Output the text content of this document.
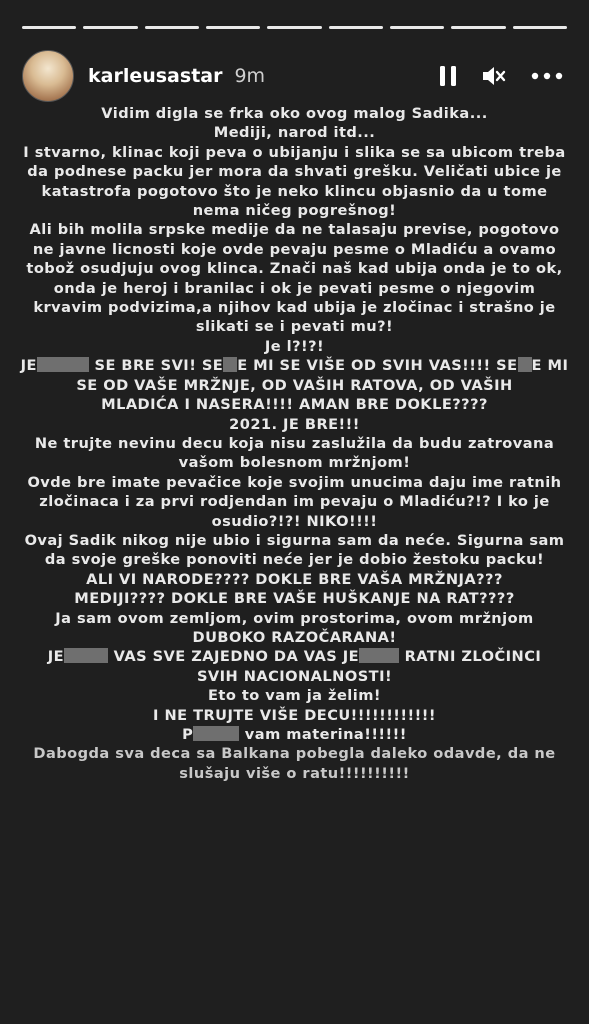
karleusastar 9m
Vidim digla se frka oko ovog malog Sadika...
Mediji, narod itd...
I stvarno, klinac koji peva o ubijanju i slika se sa ubicom treba
da podnese packu jer mora da shvati grešku. Veličati ubice je
katastrofa pogotovo što je neko klincu objasnio da u tome
nema ničeg pogrešnog!
Ali bih molila srpske medije da ne talasaju previse, pogotovo
ne javne licnosti koje ovde pevaju pesme o Mladiću a ovamo
tobož osudjuju ovog klinca. Znači naš kad ubija onda je to ok,
onda je heroj i branilac i ok je pevati pesme o njegovim
krvavim podvizima,a njihov kad ubija je zločinac i strašno je
slikati se i pevati mu?!
Je l?!?!
JE	SE BRE SVI! SE E MI SE VIŠE OD SVIH VAS!!!! SE E MI
SE OD VAŠE MRŽNJE, OD VAŠIH RATOVA, OD VAŠIH
MLADIĆA I NASERA!!!! AMAN BRE DOKLE????
2021. JE BRE!!!
Ne trujte nevinu decu koja nisu zaslužila da budu zatrovana
vašom bolesnom mržnjom!
Ovde bre imate pevačice koje svojim unucima daju ime ratnih
zločinaca i za prvi rodjendan im pevaju o Mladiću?!? I ko je
osudio?!?! NIKO!!!!
Ovaj Sadik nikog nije ubio i sigurna sam da neće. Sigurna sam
da svoje greške ponoviti neće jer je dobio žestoku packu!
ALI VI NARODE???? DOKLE BRE VAŠA MRŽNJA???
MEDIJI???? DOKLE BRE VAŠE HUŠKANJE NA RAT????
Ja sam ovom zemljom, ovim prostorima, ovom mržnjom
DUBOKO RAZOČARANA!
JE	VAS SVE ZAJEDNO DA VAS JE	RATNI ZLOČINCI
SVIH NACIONALNOSTI!
Eto to vam ja želim!
I NE TRUJTE VIŠE DECU!!!!!!!!!!!!
P	vam materina!!!!!!
Dabogda sva deca sa Balkana pobegla daleko odavde, da ne
slušaju više o ratu!!!!!!!!!!
